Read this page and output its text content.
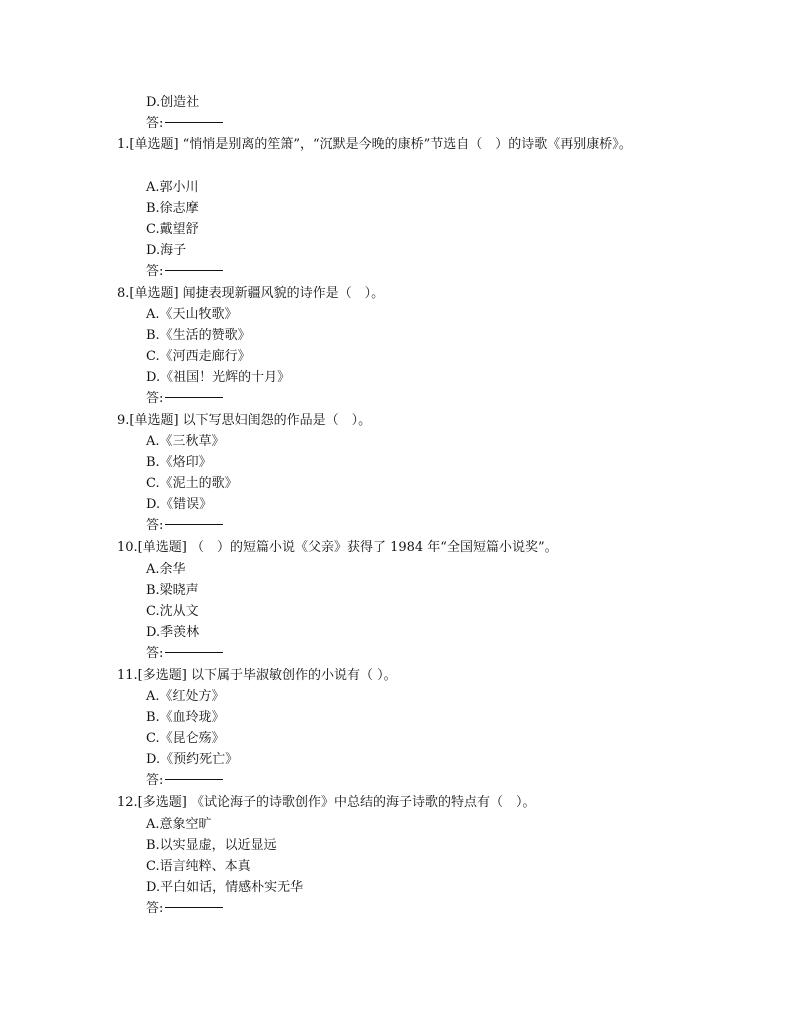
D.创造社
答:
1.[单选题] “悄悄是别离的笙箫”，“沉默是今晚的康桥”节选自（　）的诗歌《再别康桥》。
A.郭小川
B.徐志摩
C.戴望舒
D.海子
答:
8.[单选题] 闻捷表现新疆风貌的诗作是（　）。
A.《天山牧歌》
B.《生活的赞歌》
C.《河西走廊行》
D.《祖国！光辉的十月》
答:
9.[单选题] 以下写思妇闺怨的作品是（　）。
A.《三秋草》
B.《烙印》
C.《泥土的歌》
D.《错误》
答:
10.[单选题] （　）的短篇小说《父亲》获得了 1984 年“全国短篇小说奖”。
A.余华
B.梁晓声
C.沈从文
D.季羡林
答:
11.[多选题] 以下属于毕淑敏创作的小说有（ ）。
A.《红处方》
B.《血玲珑》
C.《昆仑殇》
D.《预约死亡》
答:
12.[多选题] 《试论海子的诗歌创作》中总结的海子诗歌的特点有（　）。
A.意象空旷
B.以实显虚，以近显远
C.语言纯粹、本真
D.平白如话，情感朴实无华
答:
